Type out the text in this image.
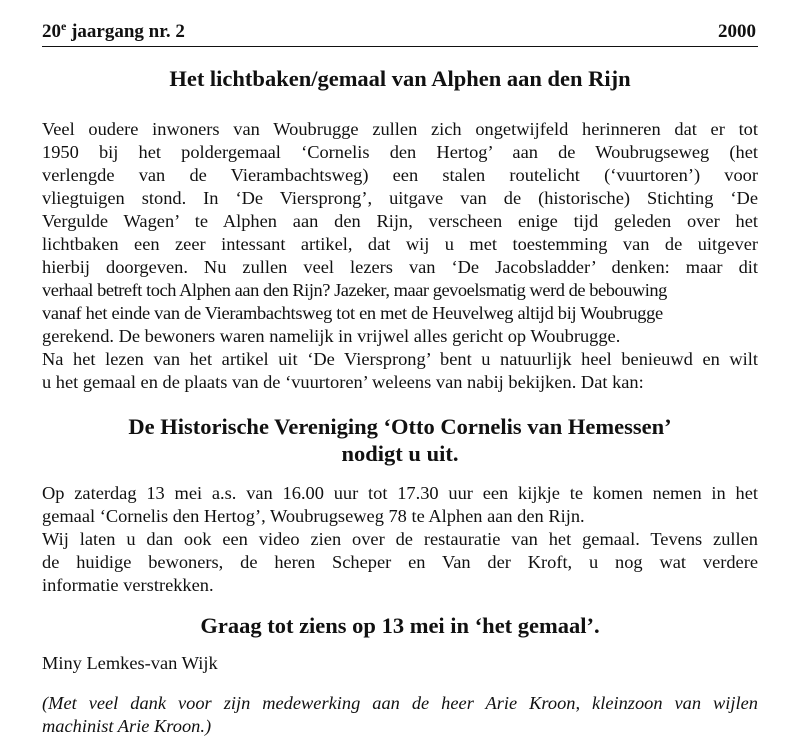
20e jaargang nr. 2	2000
Het lichtbaken/gemaal van Alphen aan den Rijn
Veel oudere inwoners van Woubrugge zullen zich ongetwijfeld herinneren dat er tot
1950 bij het poldergemaal ‘Cornelis den Hertog’ aan de Woubrugseweg (het
verlengde van de Vierambachtsweg) een stalen routelicht (‘vuurtoren’) voor
vliegtuigen stond. In ‘De Viersprong’, uitgave van de (historische) Stichting ‘De
Vergulde Wagen’ te Alphen aan den Rijn, verscheen enige tijd geleden over het
lichtbaken een zeer intessant artikel, dat wij u met toestemming van de uitgever
hierbij doorgeven. Nu zullen veel lezers van ‘De Jacobsladder’ denken: maar dit
verhaal betreft toch Alphen aan den Rijn? Jazeker, maar gevoelsmatig werd de bebouwing
vanaf het einde van de Vierambachtsweg tot en met de Heuvelweg altijd bij Woubrugge
gerekend. De bewoners waren namelijk in vrijwel alles gericht op Woubrugge.
Na het lezen van het artikel uit ‘De Viersprong’ bent u natuurlijk heel benieuwd en wilt
u het gemaal en de plaats van de ‘vuurtoren’ weleens van nabij bekijken. Dat kan:
De Historische Vereniging ‘Otto Cornelis van Hemessen’
nodigt u uit.
Op zaterdag 13 mei a.s. van 16.00 uur tot 17.30 uur een kijkje te komen nemen in het
gemaal ‘Cornelis den Hertog’, Woubrugseweg 78 te Alphen aan den Rijn.
Wij laten u dan ook een video zien over de restauratie van het gemaal. Tevens zullen
de huidige bewoners, de heren Scheper en Van der Kroft, u nog wat verdere
informatie verstrekken.
Graag tot ziens op 13 mei in ‘het gemaal’.
Miny Lemkes-van Wijk
(Met veel dank voor zijn medewerking aan de heer Arie Kroon, kleinzoon van wijlen
machinist Arie Kroon.)
